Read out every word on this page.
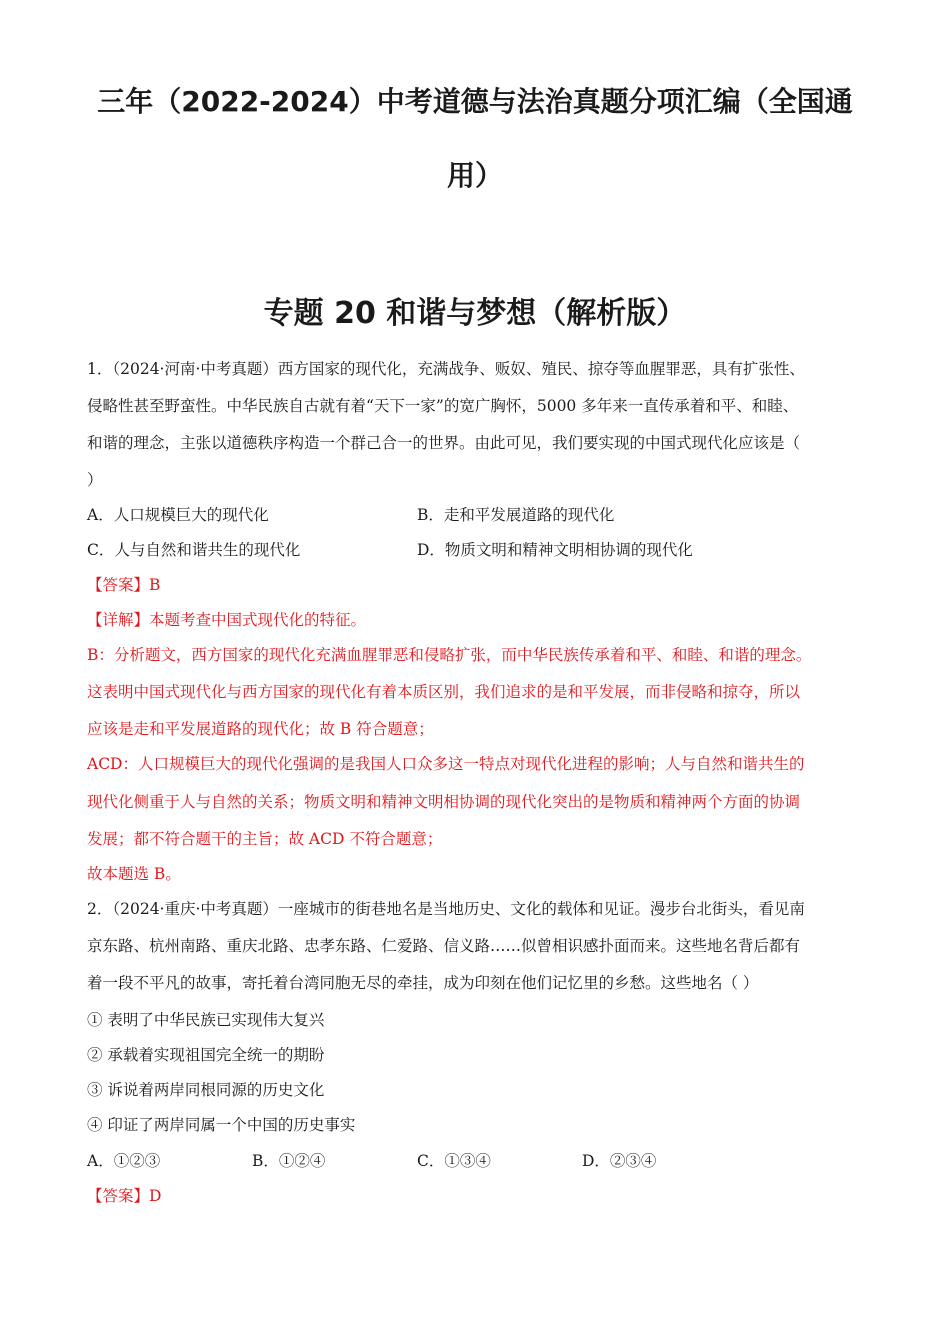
三年（2022-2024）中考道德与法治真题分项汇编（全国通
用）
专题 20 和谐与梦想（解析版）
1．（2024·河南·中考真题）西方国家的现代化，充满战争、贩奴、殖民、掠夺等血腥罪恶，具有扩张性、
侵略性甚至野蛮性。中华民族自古就有着“天下一家”的宽广胸怀，5000 多年来一直传承着和平、和睦、
和谐的理念，主张以道德秩序构造一个群己合一的世界。由此可见，我们要实现的中国式现代化应该是（
）
A．人口规模巨大的现代化	B．走和平发展道路的现代化
C．人与自然和谐共生的现代化	D．物质文明和精神文明相协调的现代化
【答案】B
【详解】本题考查中国式现代化的特征。
B：分析题文，西方国家的现代化充满血腥罪恶和侵略扩张，而中华民族传承着和平、和睦、和谐的理念。
这表明中国式现代化与西方国家的现代化有着本质区别，我们追求的是和平发展，而非侵略和掠夺，所以
应该是走和平发展道路的现代化；故 B 符合题意；
ACD：人口规模巨大的现代化强调的是我国人口众多这一特点对现代化进程的影响；人与自然和谐共生的
现代化侧重于人与自然的关系；物质文明和精神文明相协调的现代化突出的是物质和精神两个方面的协调
发展；都不符合题干的主旨；故 ACD 不符合题意；
故本题选 B。
2．（2024·重庆·中考真题）一座城市的街巷地名是当地历史、文化的载体和见证。漫步台北街头，看见南
京东路、杭州南路、重庆北路、忠孝东路、仁爱路、信义路……似曾相识感扑面而来。这些地名背后都有
着一段不平凡的故事，寄托着台湾同胞无尽的牵挂，成为印刻在他们记忆里的乡愁。这些地名（ ）
① 表明了中华民族已实现伟大复兴
② 承载着实现祖国完全统一的期盼
③ 诉说着两岸同根同源的历史文化
④ 印证了两岸同属一个中国的历史事实
A．①②③	B．①②④	C．①③④	D．②③④
【答案】D
